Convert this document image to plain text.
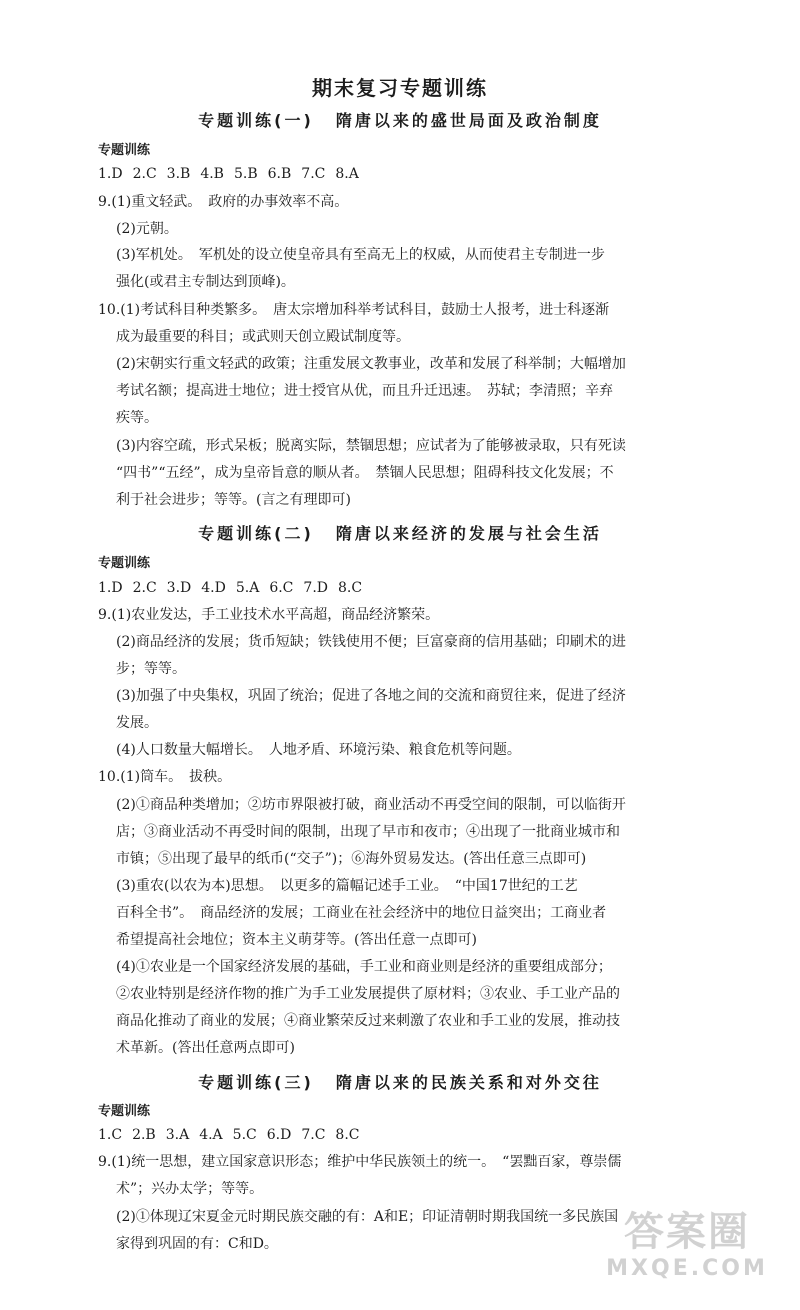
期末复习专题训练
专题训练(一) 隋唐以来的盛世局面及政治制度
专题训练
1.D 2.C 3.B 4.B 5.B 6.B 7.C 8.A
9.(1)重文轻武。　政府的办事效率不高。
(2)元朝。
(3)军机处。　军机处的设立使皇帝具有至高无上的权威，从而使君主专制进一步
强化(或君主专制达到顶峰)。
10.(1)考试科目种类繁多。　唐太宗增加科举考试科目，鼓励士人报考，进士科逐渐
成为最重要的科目；或武则天创立殿试制度等。
(2)宋朝实行重文轻武的政策；注重发展文教事业，改革和发展了科举制；大幅增加
考试名额；提高进士地位；进士授官从优，而且升迁迅速。　苏轼；李清照；辛弃
疾等。
(3)内容空疏，形式呆板；脱离实际，禁锢思想；应试者为了能够被录取，只有死读
“四书”“五经”，成为皇帝旨意的顺从者。　禁锢人民思想；阻碍科技文化发展；不
利于社会进步；等等。(言之有理即可)
专题训练(二) 隋唐以来经济的发展与社会生活
专题训练
1.D 2.C 3.D 4.D 5.A 6.C 7.D 8.C
9.(1)农业发达，手工业技术水平高超，商品经济繁荣。
(2)商品经济的发展；货币短缺；铁钱使用不便；巨富豪商的信用基础；印刷术的进
步；等等。
(3)加强了中央集权，巩固了统治；促进了各地之间的交流和商贸往来，促进了经济
发展。
(4)人口数量大幅增长。　人地矛盾、环境污染、粮食危机等问题。
10.(1)筒车。　拔秧。
(2)①商品种类增加；②坊市界限被打破，商业活动不再受空间的限制，可以临街开
店；③商业活动不再受时间的限制，出现了早市和夜市；④出现了一批商业城市和
市镇；⑤出现了最早的纸币(“交子”)；⑥海外贸易发达。(答出任意三点即可)
(3)重农(以农为本)思想。　以更多的篇幅记述手工业。　“中国17世纪的工艺
百科全书”。　商品经济的发展；工商业在社会经济中的地位日益突出；工商业者
希望提高社会地位；资本主义萌芽等。(答出任意一点即可)
(4)①农业是一个国家经济发展的基础，手工业和商业则是经济的重要组成部分；
②农业特别是经济作物的推广为手工业发展提供了原材料；③农业、手工业产品的
商品化推动了商业的发展；④商业繁荣反过来刺激了农业和手工业的发展，推动技
术革新。(答出任意两点即可)
专题训练(三) 隋唐以来的民族关系和对外交往
专题训练
1.C 2.B 3.A 4.A 5.C 6.D 7.C 8.C
9.(1)统一思想，建立国家意识形态；维护中华民族领土的统一。　“罢黜百家，尊崇儒
术”；兴办太学；等等。
(2)①体现辽宋夏金元时期民族交融的有：A和E；印证清朝时期我国统一多民族国
家得到巩固的有：C和D。	答案圈
MXQE.COM
